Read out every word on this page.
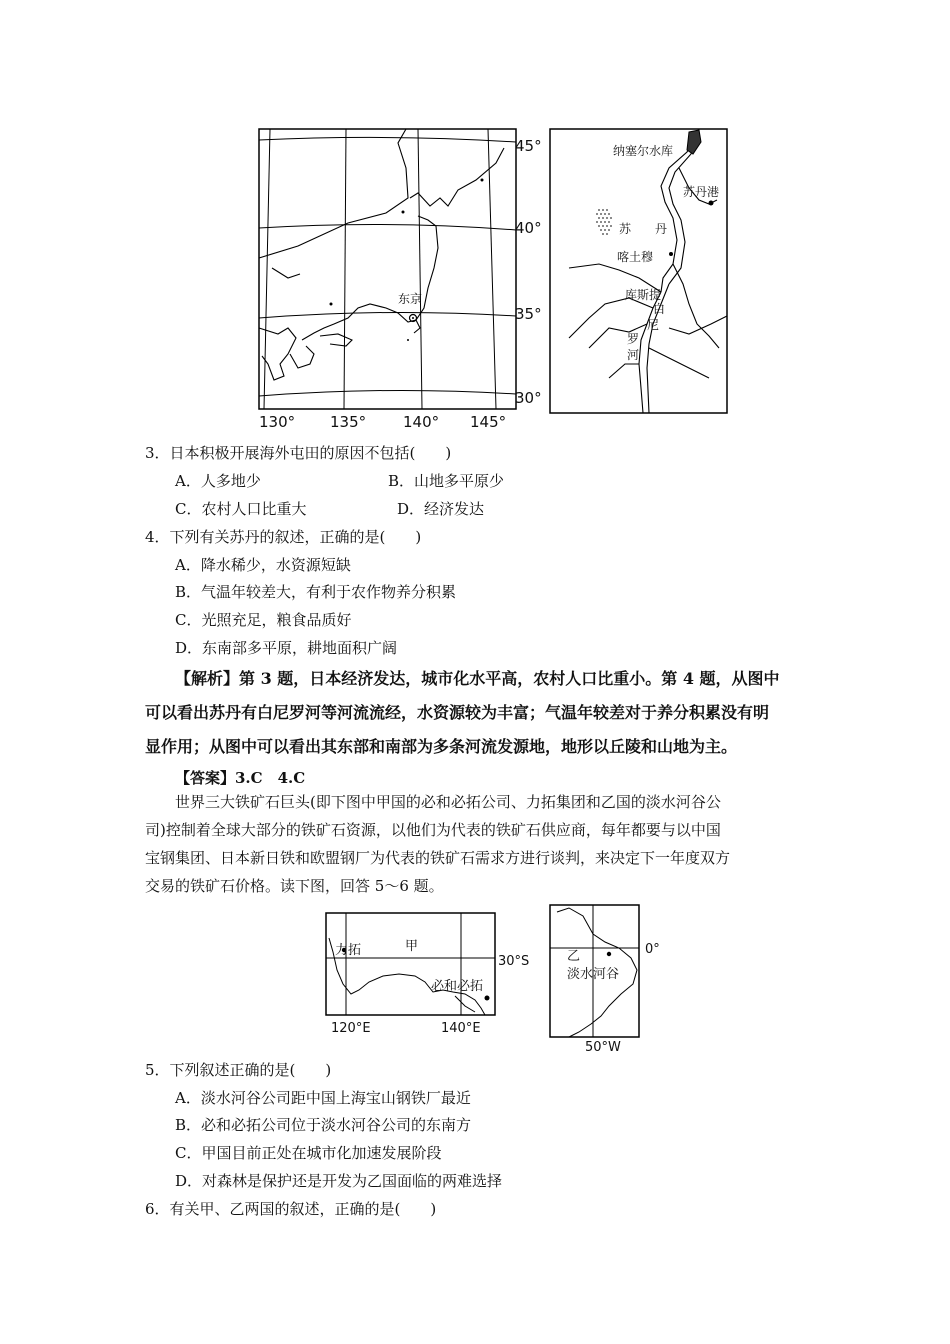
东京
45°
40°
35°
30°
130° 135° 140° 145°
纳塞尔水库
苏丹港
苏 丹
喀土穆
库斯提
白
尼
罗
河
3．日本积极开展海外屯田的原因不包括(　　)
A．人多地少	B．山地多平原少
C．农村人口比重大	D．经济发达
4．下列有关苏丹的叙述，正确的是(　　)
A．降水稀少，水资源短缺
B．气温年较差大，有利于农作物养分积累
C．光照充足，粮食品质好
D．东南部多平原，耕地面积广阔
【解析】第 3 题，日本经济发达，城市化水平高，农村人口比重小。第 4 题，从图中
可以看出苏丹有白尼罗河等河流流经，水资源较为丰富；气温年较差对于养分积累没有明
显作用；从图中可以看出其东部和南部为多条河流发源地，地形以丘陵和山地为主。
【答案】3.C　4.C
世界三大铁矿石巨头(即下图中甲国的必和必拓公司、力拓集团和乙国的淡水河谷公
司)控制着全球大部分的铁矿石资源，以他们为代表的铁矿石供应商，每年都要与以中国
宝钢集团、日本新日铁和欧盟钢厂为代表的铁矿石需求方进行谈判，来决定下一年度双方
交易的铁矿石价格。读下图，回答 5～6 题。
力拓	甲
必和必拓
30°S
120°E	140°E
乙
淡水河谷
0°
50°W
5．下列叙述正确的是(　　)
A．淡水河谷公司距中国上海宝山钢铁厂最近
B．必和必拓公司位于淡水河谷公司的东南方
C．甲国目前正处在城市化加速发展阶段
D．对森林是保护还是开发为乙国面临的两难选择
6．有关甲、乙两国的叙述，正确的是(　　)
